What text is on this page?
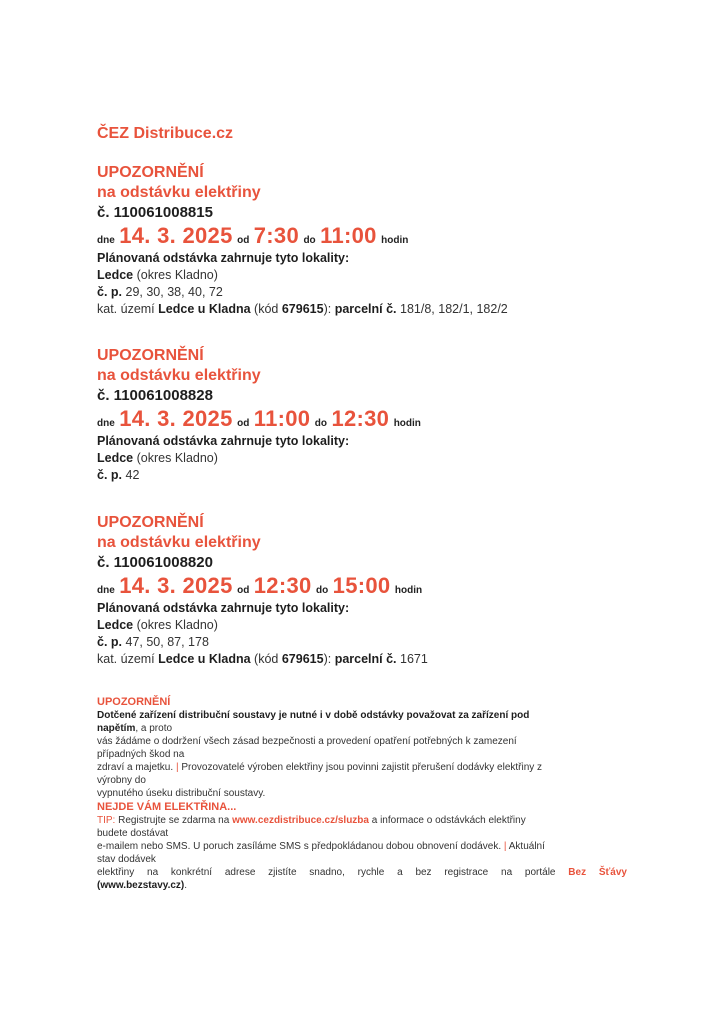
ČEZ Distribuce.cz
UPOZORNĚNÍ
na odstávku elektřiny
č. 110061008815
dne 14. 3. 2025 od 7:30 do 11:00 hodin
Plánovaná odstávka zahrnuje tyto lokality:
Ledce (okres Kladno)
č. p. 29, 30, 38, 40, 72
kat. území Ledce u Kladna (kód 679615): parcelní č. 181/8, 182/1, 182/2
UPOZORNĚNÍ
na odstávku elektřiny
č. 110061008828
dne 14. 3. 2025 od 11:00 do 12:30 hodin
Plánovaná odstávka zahrnuje tyto lokality:
Ledce (okres Kladno)
č. p. 42
UPOZORNĚNÍ
na odstávku elektřiny
č. 110061008820
dne 14. 3. 2025 od 12:30 do 15:00 hodin
Plánovaná odstávka zahrnuje tyto lokality:
Ledce (okres Kladno)
č. p. 47, 50, 87, 178
kat. území Ledce u Kladna (kód 679615): parcelní č. 1671
UPOZORNĚNÍ
Dotčené zařízení distribuční soustavy je nutné i v době odstávky považovat za zařízení pod
napětím, a proto
vás žádáme o dodržení všech zásad bezpečnosti a provedení opatření potřebných k zamezení
případných škod na
zdraví a majetku. | Provozovatelé výroben elektřiny jsou povinni zajistit přerušení dodávky elektřiny z
výrobny do
vypnutého úseku distribuční soustavy.
NEJDE VÁM ELEKTŘINA...
TIP: Registrujte se zdarma na www.cezdistribuce.cz/sluzba a informace o odstávkách elektřiny
budete dostávat
e-mailem nebo SMS. U poruch zasíláme SMS s předpokládanou dobou obnovení dodávek. | Aktuální
stav dodávek
elektřiny na konkrétní adrese zjistíte snadno, rychle a bez registrace na portále Bez Šťávy
(www.bezstavy.cz).
